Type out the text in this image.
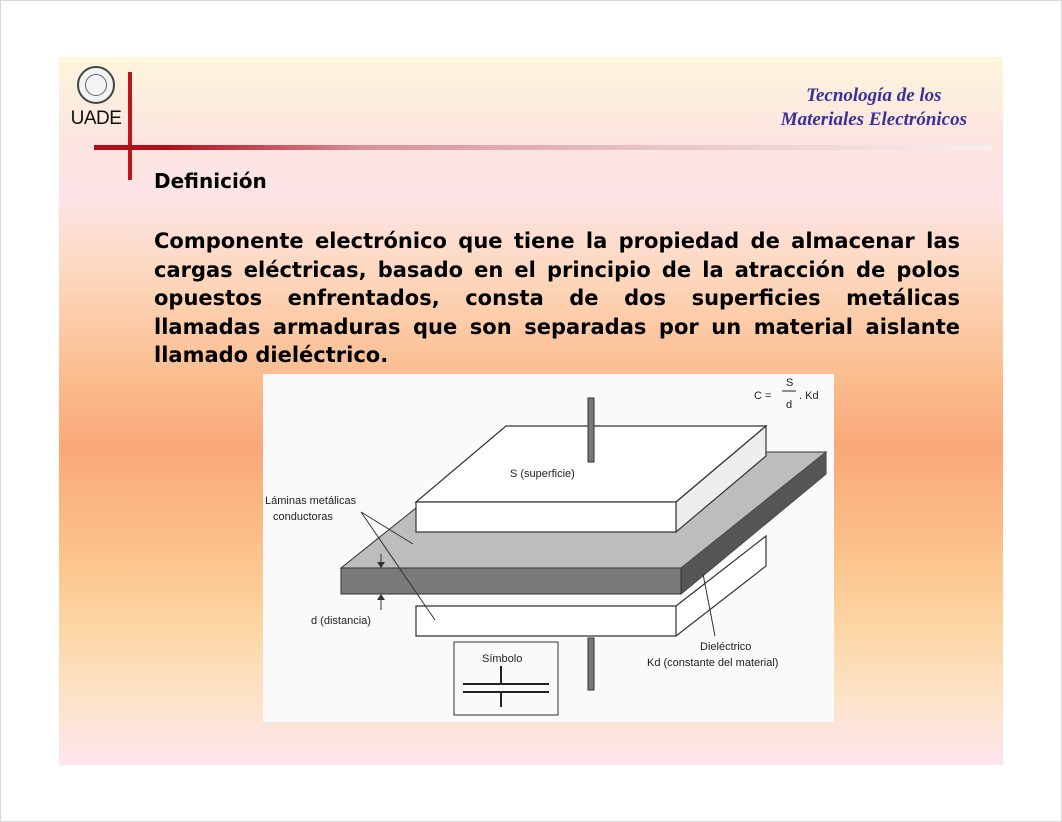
UADE
Tecnología de los
Materiales Electrónicos
Definición
Componente electrónico que tiene la propiedad de almacenar las cargas eléctricas, basado en el principio de la atracción de polos opuestos enfrentados, consta de dos superficies metálicas llamadas armaduras que son separadas por un material aislante llamado dieléctrico.
C =
S
d
. Kd
S (superficie)
Láminas metálicas
conductoras
d (distancia)
Dieléctrico
Kd (constante del material)
Símbolo
